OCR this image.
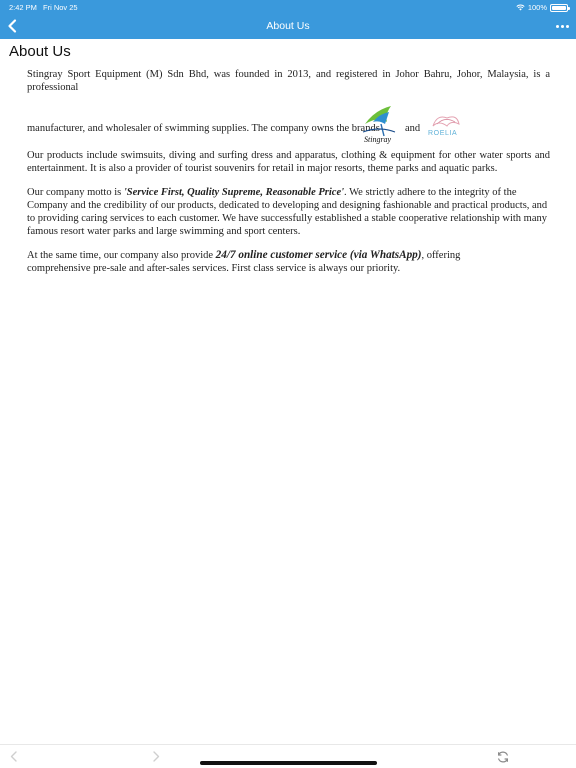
2:42 PM Fri Nov 25	100%
About Us
About Us

Stingray Sport Equipment (M) Sdn Bhd, was founded in 2013, and registered in Johor Bahru, Johor, Malaysia, is a professional

manufacturer, and wholesaler of swimming supplies. The company owns the brands
Stingray
and ROELIA

Our products include swimsuits, diving and surfing dress and apparatus, clothing & equipment for other water sports and entertainment. It is also a provider of tourist souvenirs for retail in major resorts, theme parks and aquatic parks.

Our company motto is 'Service First, Quality Supreme, Reasonable Price'. We strictly adhere to the integrity of the Company and the credibility of our products, dedicated to developing and designing fashionable and practical products, and to providing caring services to each customer. We have successfully established a stable cooperative relationship with many famous resort water parks and large swimming and sport centers.

At the same time, our company also provide 24/7 online customer service (via WhatsApp), offering
comprehensive pre-sale and after-sales services. First class service is always our priority.
